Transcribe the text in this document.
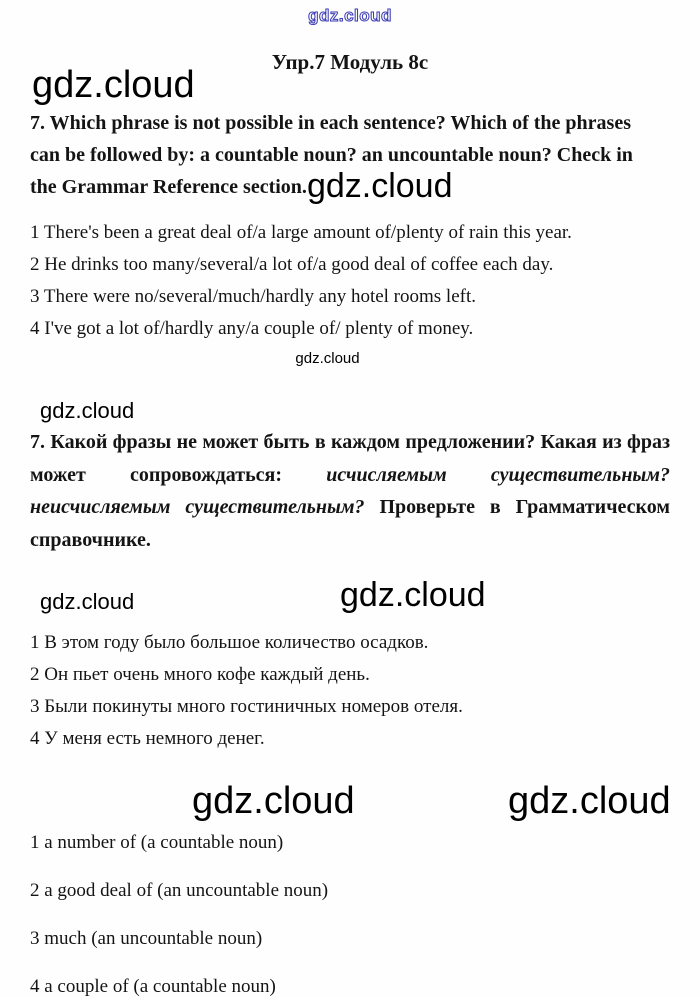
gdz.cloud
Упр.7 Модуль 8c
gdz.cloud

7. Which phrase is not possible in each sentence? Which of the phrases can be followed by: a countable noun? an uncountable noun? Check in the Grammar Reference section.gdz.cloud

1 There's been a great deal of/a large amount of/plenty of rain this year.

2 He drinks too many/several/a lot of/a good deal of coffee each day.

3 There were no/several/much/hardly any hotel rooms left.

4 I've got a lot of/hardly any/a couple of/ plenty of money.

gdz.cloud
gdz.cloud

7. Какой фразы не может быть в каждом предложении? Какая из фраз может сопровождаться: исчисляемым существительным? неисчисляемым существительным? Проверьте в Грамматическом справочнике.

gdz.cloud	gdz.cloud

1 В этом году было большое количество осадков.

2 Он пьет очень много кофе каждый день.

3 Были покинуты много гостиничных номеров отеля.

4 У меня есть немного денег.

gdz.cloud	gdz.cloud

1 a number of (a countable noun)

2 a good deal of (an uncountable noun)

3 much (an uncountable noun)

4 a couple of (a countable noun)
